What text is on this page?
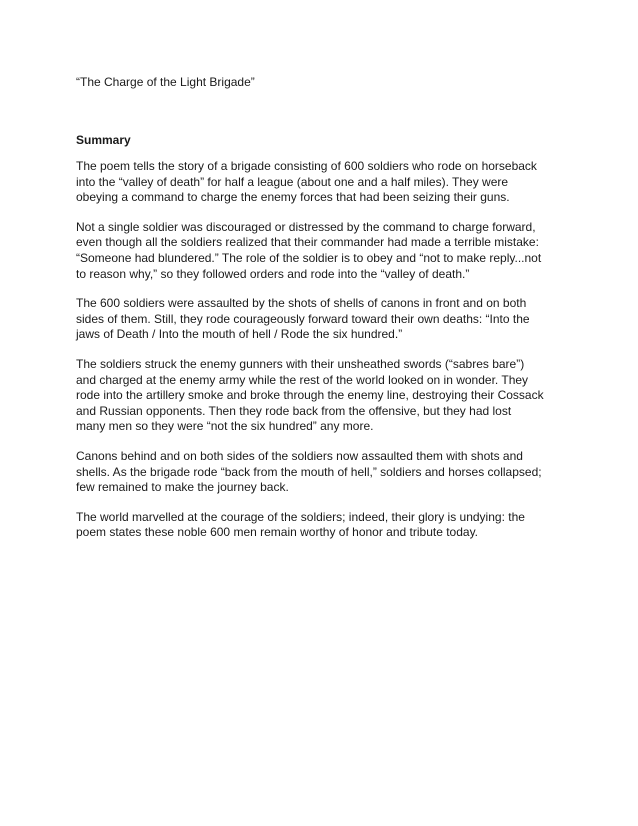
“The Charge of the Light Brigade”

Summary

The poem tells the story of a brigade consisting of 600 soldiers who rode on horseback
into the “valley of death” for half a league (about one and a half miles). They were
obeying a command to charge the enemy forces that had been seizing their guns.

Not a single soldier was discouraged or distressed by the command to charge forward,
even though all the soldiers realized that their commander had made a terrible mistake:
“Someone had blundered.” The role of the soldier is to obey and “not to make reply...not
to reason why,” so they followed orders and rode into the “valley of death.”

The 600 soldiers were assaulted by the shots of shells of canons in front and on both
sides of them. Still, they rode courageously forward toward their own deaths: “Into the
jaws of Death / Into the mouth of hell / Rode the six hundred.”

The soldiers struck the enemy gunners with their unsheathed swords (“sabres bare”)
and charged at the enemy army while the rest of the world looked on in wonder. They
rode into the artillery smoke and broke through the enemy line, destroying their Cossack
and Russian opponents. Then they rode back from the offensive, but they had lost
many men so they were “not the six hundred” any more.

Canons behind and on both sides of the soldiers now assaulted them with shots and
shells. As the brigade rode “back from the mouth of hell,” soldiers and horses collapsed;
few remained to make the journey back.

The world marvelled at the courage of the soldiers; indeed, their glory is undying: the
poem states these noble 600 men remain worthy of honor and tribute today.
